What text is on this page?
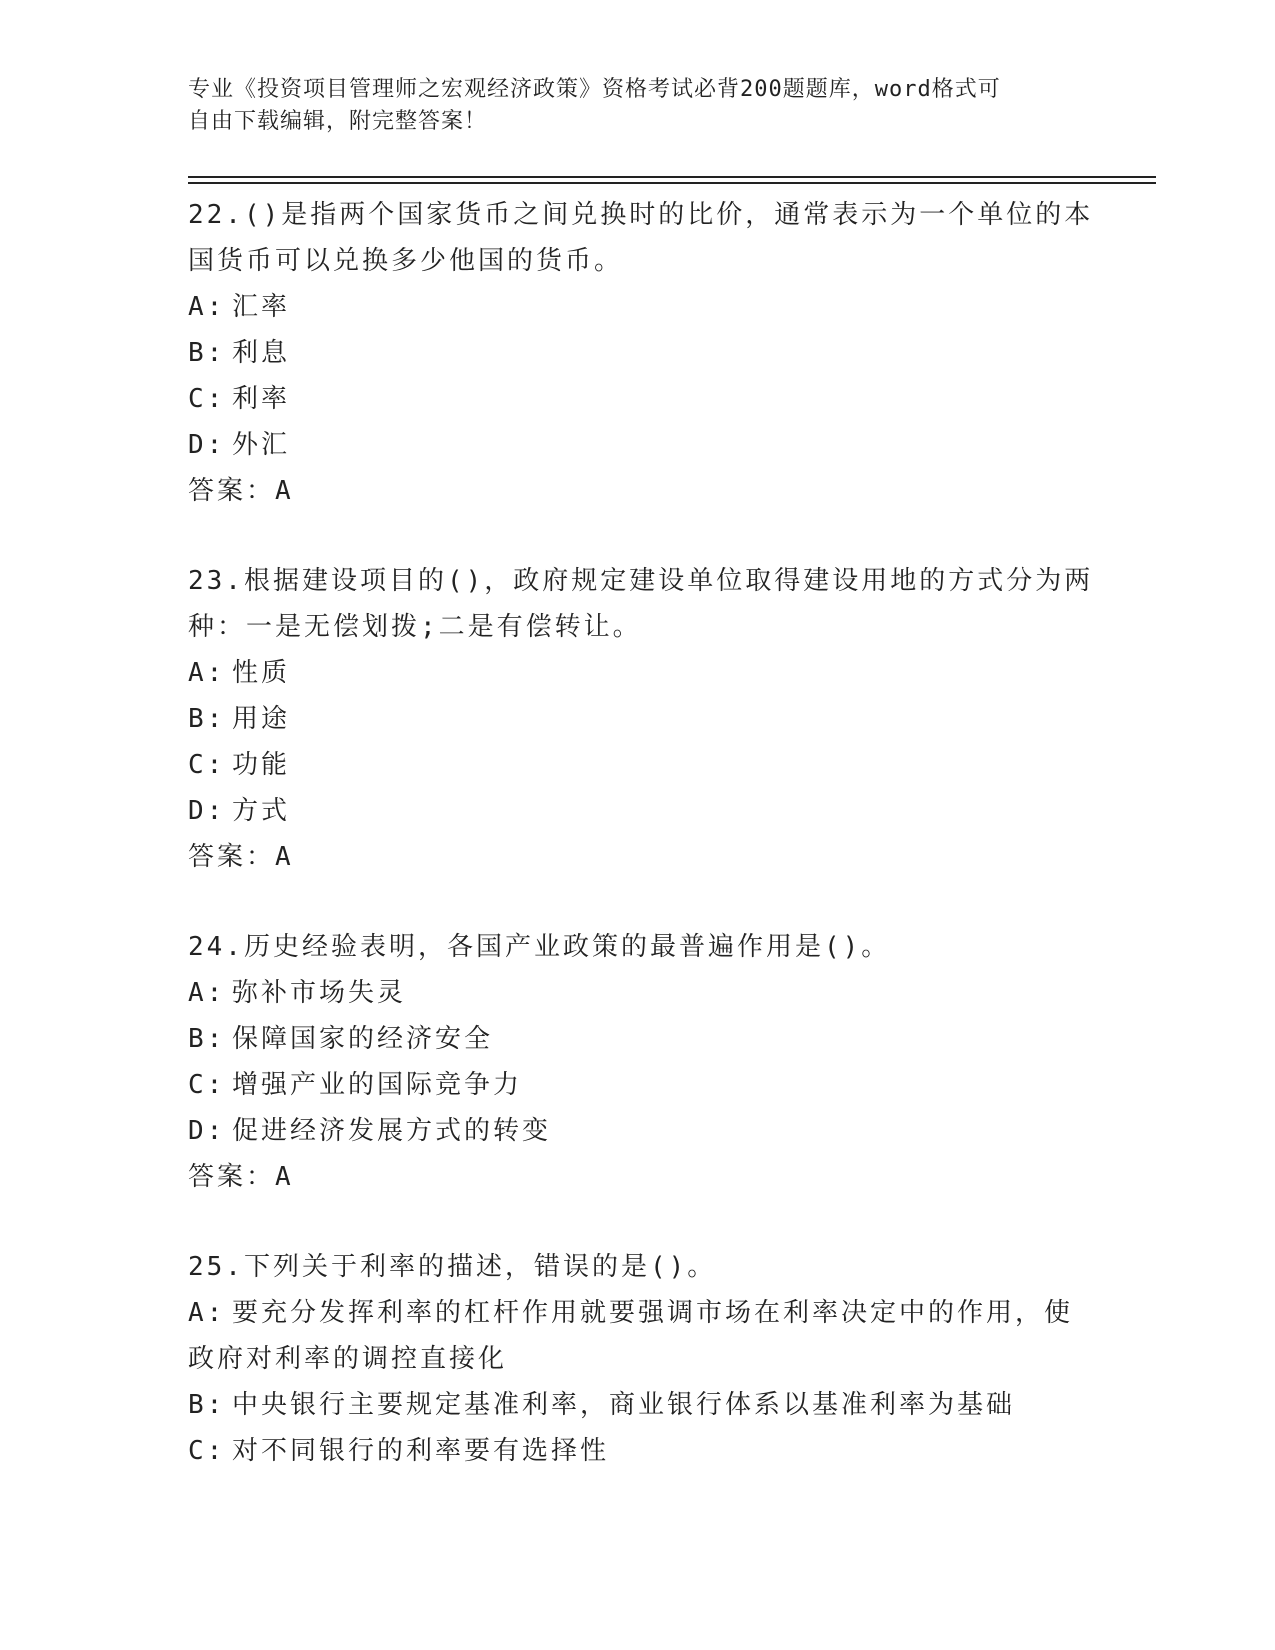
专业《投资项目管理师之宏观经济政策》资格考试必背200题题库，word格式可
自由下载编辑，附完整答案！
22.()是指两个国家货币之间兑换时的比价，通常表示为一个单位的本
国货币可以兑换多少他国的货币。
A: 汇率
B: 利息
C: 利率
D: 外汇
答案：A
23.根据建设项目的()，政府规定建设单位取得建设用地的方式分为两
种：一是无偿划拨;二是有偿转让。
A: 性质
B: 用途
C: 功能
D: 方式
答案：A
24.历史经验表明，各国产业政策的最普遍作用是()。
A: 弥补市场失灵
B: 保障国家的经济安全
C: 增强产业的国际竞争力
D: 促进经济发展方式的转变
答案：A
25.下列关于利率的描述，错误的是()。
A: 要充分发挥利率的杠杆作用就要强调市场在利率决定中的作用，使
政府对利率的调控直接化
B: 中央银行主要规定基准利率，商业银行体系以基准利率为基础
C: 对不同银行的利率要有选择性
